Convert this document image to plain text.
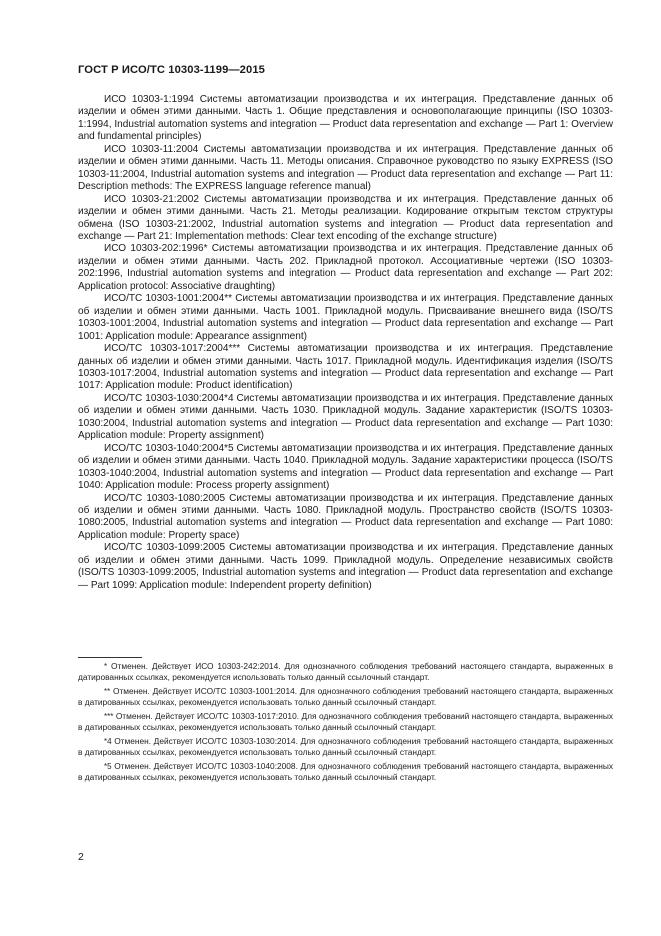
ГОСТ Р ИСО/ТС 10303-1199—2015

ИСО 10303-1:1994 Системы автоматизации производства и их интеграция. Представление данных об изделии и обмен этими данными. Часть 1. Общие представления и основополагающие принципы (ISO 10303-1:1994, Industrial automation systems and integration — Product data representation and exchange — Part 1: Overview and fundamental principles)

ИСО 10303-11:2004 Системы автоматизации производства и их интеграция. Представление данных об изделии и обмен этими данными. Часть 11. Методы описания. Справочное руководство по языку EXPRESS (ISO 10303-11:2004, Industrial automation systems and integration — Product data representation and exchange — Part 11: Description methods: The EXPRESS language reference manual)

ИСО 10303-21:2002 Системы автоматизации производства и их интеграция. Представление данных об изделии и обмен этими данными. Часть 21. Методы реализации. Кодирование открытым текстом структуры обмена (ISO 10303-21:2002, Industrial automation systems and integration — Product data representation and exchange — Part 21: Implementation methods: Clear text encoding of the exchange structure)

ИСО 10303-202:1996* Системы автоматизации производства и их интеграция. Представление данных об изделии и обмен этими данными. Часть 202. Прикладной протокол. Ассоциативные чертежи (ISO 10303-202:1996, Industrial automation systems and integration — Product data representation and exchange — Part 202: Application protocol: Associative draughting)

ИСО/ТС 10303-1001:2004** Системы автоматизации производства и их интеграция. Представление данных об изделии и обмен этими данными. Часть 1001. Прикладной модуль. Присваивание внешнего вида (ISO/TS 10303-1001:2004, Industrial automation systems and integration — Product data representation and exchange — Part 1001: Application module: Appearance assignment)

ИСО/ТС 10303-1017:2004*** Системы автоматизации производства и их интеграция. Представление данных об изделии и обмен этими данными. Часть 1017. Прикладной модуль. Идентификация изделия (ISO/TS 10303-1017:2004, Industrial automation systems and integration — Product data representation and exchange — Part 1017: Application module: Product identification)

ИСО/ТС 10303-1030:2004*4 Системы автоматизации производства и их интеграция. Представление данных об изделии и обмен этими данными. Часть 1030. Прикладной модуль. Задание характеристик (ISO/TS 10303-1030:2004, Industrial automation systems and integration — Product data representation and exchange — Part 1030: Application module: Property assignment)

ИСО/ТС 10303-1040:2004*5 Системы автоматизации производства и их интеграция. Представление данных об изделии и обмен этими данными. Часть 1040. Прикладной модуль. Задание характеристики процесса (ISO/TS 10303-1040:2004, Industrial automation systems and integration — Product data representation and exchange — Part 1040: Application module: Process property assignment)

ИСО/ТС 10303-1080:2005 Системы автоматизации производства и их интеграция. Представление данных об изделии и обмен этими данными. Часть 1080. Прикладной модуль. Пространство свойств (ISO/TS 10303-1080:2005, Industrial automation systems and integration — Product data representation and exchange — Part 1080: Application module: Property space)

ИСО/ТС 10303-1099:2005 Системы автоматизации производства и их интеграция. Представление данных об изделии и обмен этими данными. Часть 1099. Прикладной модуль. Определение независимых свойств (ISO/TS 10303-1099:2005, Industrial automation systems and integration — Product data representation and exchange — Part 1099: Application module: Independent property definition)

* Отменен. Действует ИСО 10303-242:2014. Для однозначного соблюдения требований настоящего стандарта, выраженных в датированных ссылках, рекомендуется использовать только данный ссылочный стандарт.

** Отменен. Действует ИСО/ТС 10303-1001:2014. Для однозначного соблюдения требований настоящего стандарта, выраженных в датированных ссылках, рекомендуется использовать только данный ссылочный стандарт.

*** Отменен. Действует ИСО/ТС 10303-1017:2010. Для однозначного соблюдения требований настоящего стандарта, выраженных в датированных ссылках, рекомендуется использовать только данный ссылочный стандарт.

*4 Отменен. Действует ИСО/ТС 10303-1030:2014. Для однозначного соблюдения требований настоящего стандарта, выраженных в датированных ссылках, рекомендуется использовать только данный ссылочный стандарт.

*5 Отменен. Действует ИСО/ТС 10303-1040:2008. Для однозначного соблюдения требований настоящего стандарта, выраженных в датированных ссылках, рекомендуется использовать только данный ссылочный стандарт.

2
